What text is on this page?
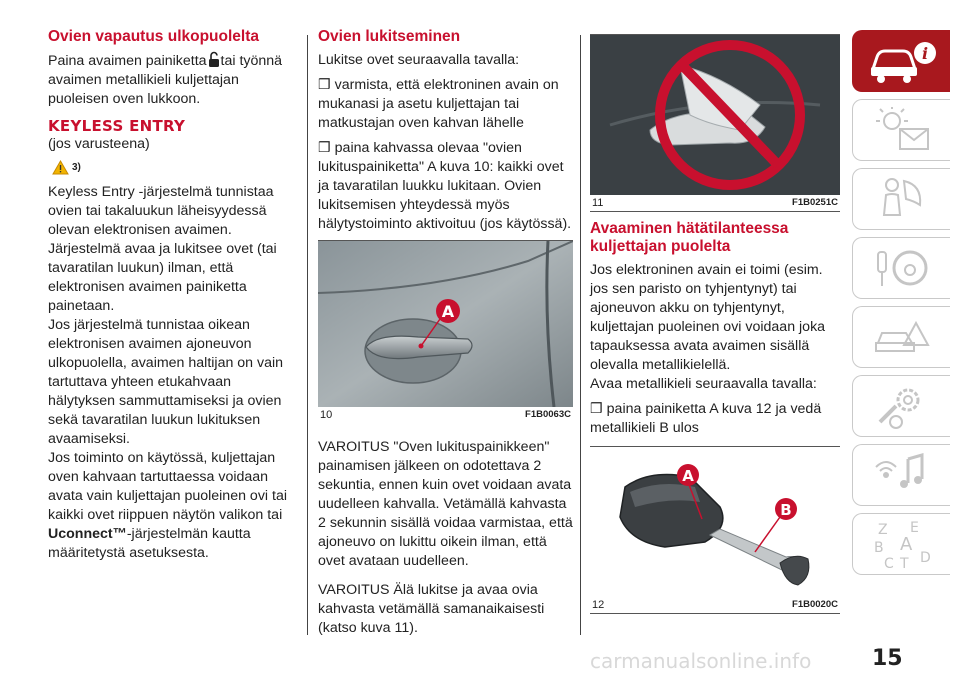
Ovien vapautus ulkopuolelta

Paina avaimen painiketta tai työnnä avaimen metallikieli kuljettajan puoleisen oven lukkoon.

KEYLESS ENTRY

(jos varusteena)

3)

Keyless Entry -järjestelmä tunnistaa ovien tai takaluukun läheisyydessä olevan elektronisen avaimen. Järjestelmä avaa ja lukitsee ovet (tai tavaratilan luukun) ilman, että elektronisen avaimen painiketta painetaan.

Jos järjestelmä tunnistaa oikean elektronisen avaimen ajoneuvon ulkopuolella, avaimen haltijan on vain tartuttava yhteen etukahvaan hälytyksen sammuttamiseksi ja ovien sekä tavaratilan luukun lukituksen avaamiseksi.

Jos toiminto on käytössä, kuljettajan oven kahvaan tartuttaessa voidaan avata vain kuljettajan puoleinen ovi tai kaikki ovet riippuen näytön valikon tai Uconnect™-järjestelmän kautta määritetystä asetuksesta.

Ovien lukitseminen

Lukitse ovet seuraavalla tavalla:

❒ varmista, että elektroninen avain on mukanasi ja asetu kuljettajan tai matkustajan oven kahvan lähelle

❒ paina kahvassa olevaa "ovien lukituspainiketta" A kuva 10: kaikki ovet ja tavaratilan luukku lukitaan. Ovien lukitsemisen yhteydessä myös hälytystoiminto aktivoituu (jos käytössä).

A
10	F1B0063C

VAROITUS "Oven lukituspainikkeen" painamisen jälkeen on odotettava 2 sekuntia, ennen kuin ovet voidaan avata uudelleen kahvalla. Vetämällä kahvasta 2 sekunnin sisällä voidaa varmistaa, että ajoneuvo on lukittu oikein ilman, että ovet avataan uudelleen.

VAROITUS Älä lukitse ja avaa ovia kahvasta vetämällä samanaikaisesti (katso kuva 11).

11	F1B0251C
Avaaminen hätätilanteessa kuljettajan puolelta

Jos elektroninen avain ei toimi (esim. jos sen paristo on tyhjentynyt) tai ajoneuvon akku on tyhjentynyt, kuljettajan puoleinen ovi voidaan joka tapauksessa avata avaimen sisällä olevalla metallikielellä.

Avaa metallikieli seuraavalla tavalla:

❒ paina painiketta A kuva 12 ja vedä metallikieli B ulos

A
B
12	F1B0020C
i
Z E
B A
C D
T
carmanualsonline.info	15
